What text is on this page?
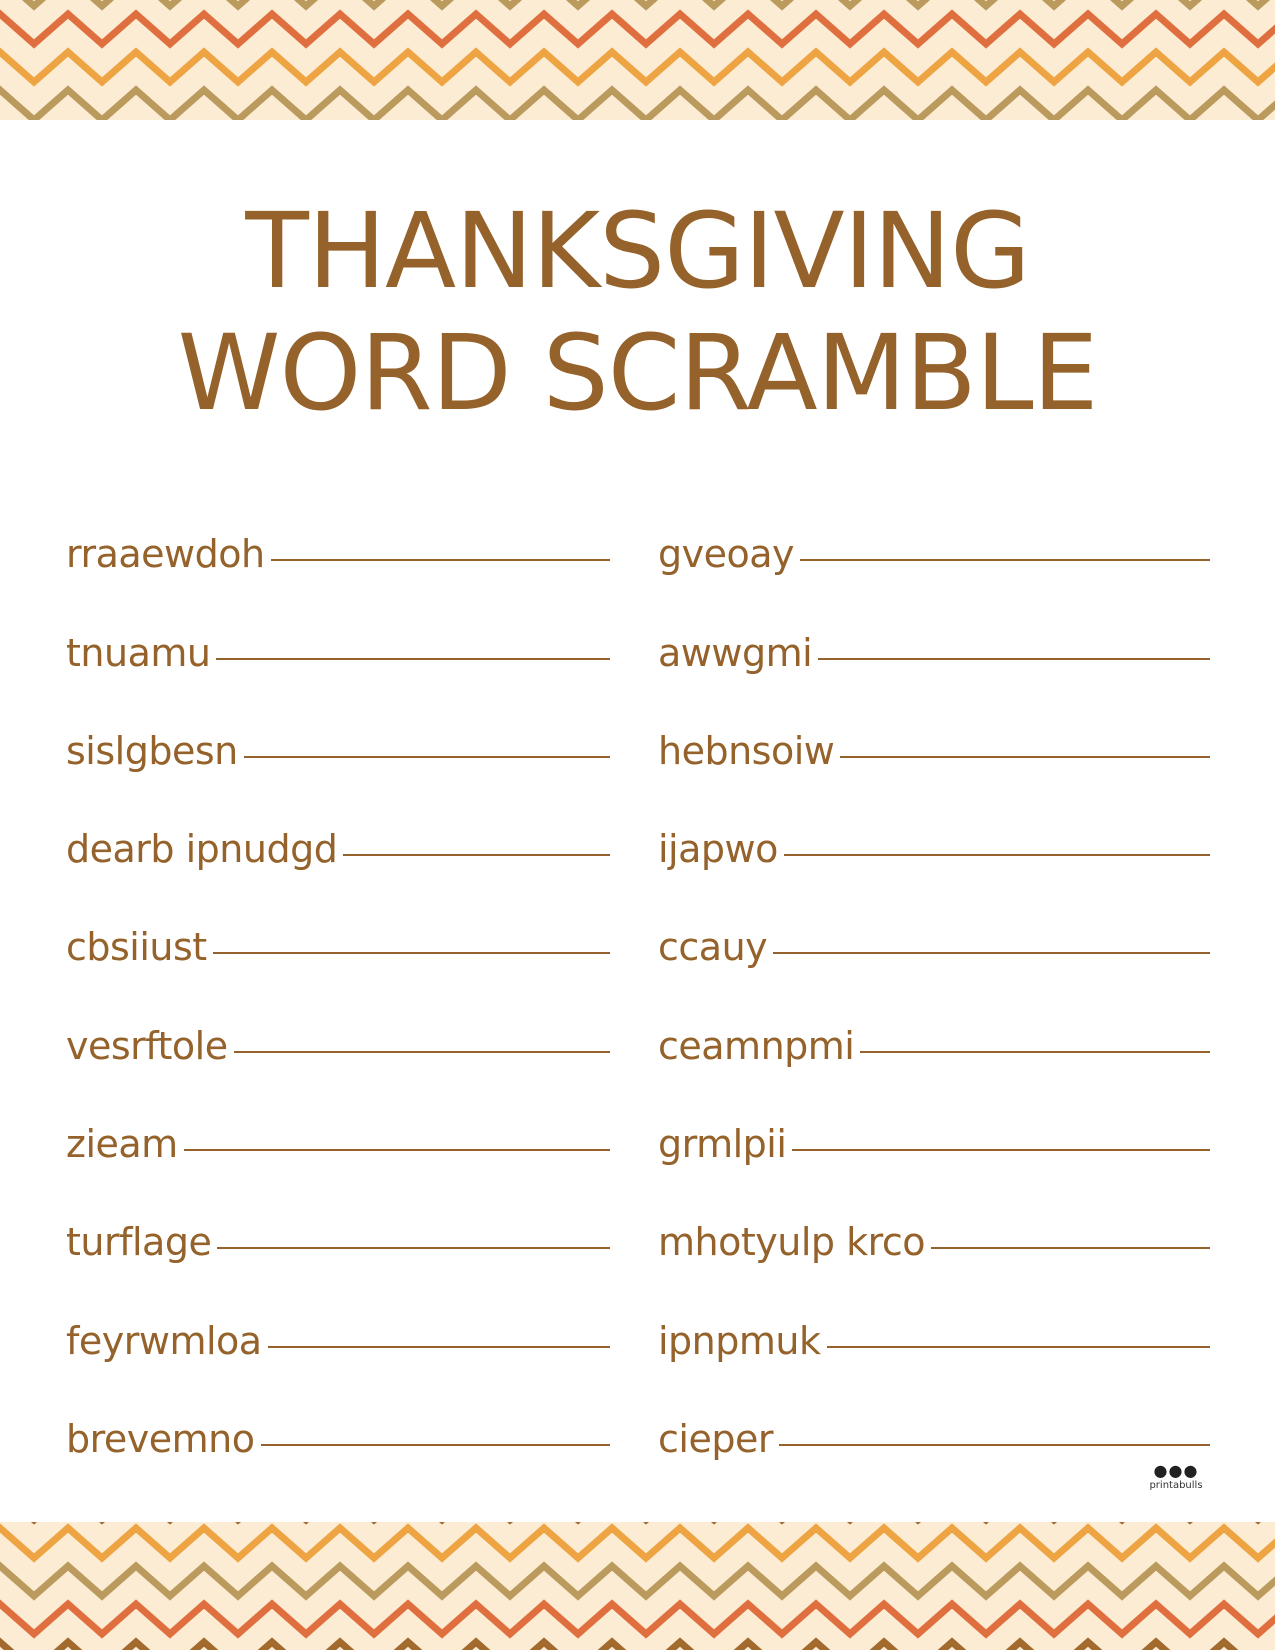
THANKSGIVING
WORD SCRAMBLE
rraaewdoh
tnuamu
sislgbesn
dearb ipnudgd
cbsiiust
vesrftole
zieam
turflage
feyrwmloa
brevemno
gveoay
awwgmi
hebnsoiw
ijapwo
ccauy
ceamnpmi
grmlpii
mhotyulp krco
ipnpmuk
cieper
●●●
printabulls
